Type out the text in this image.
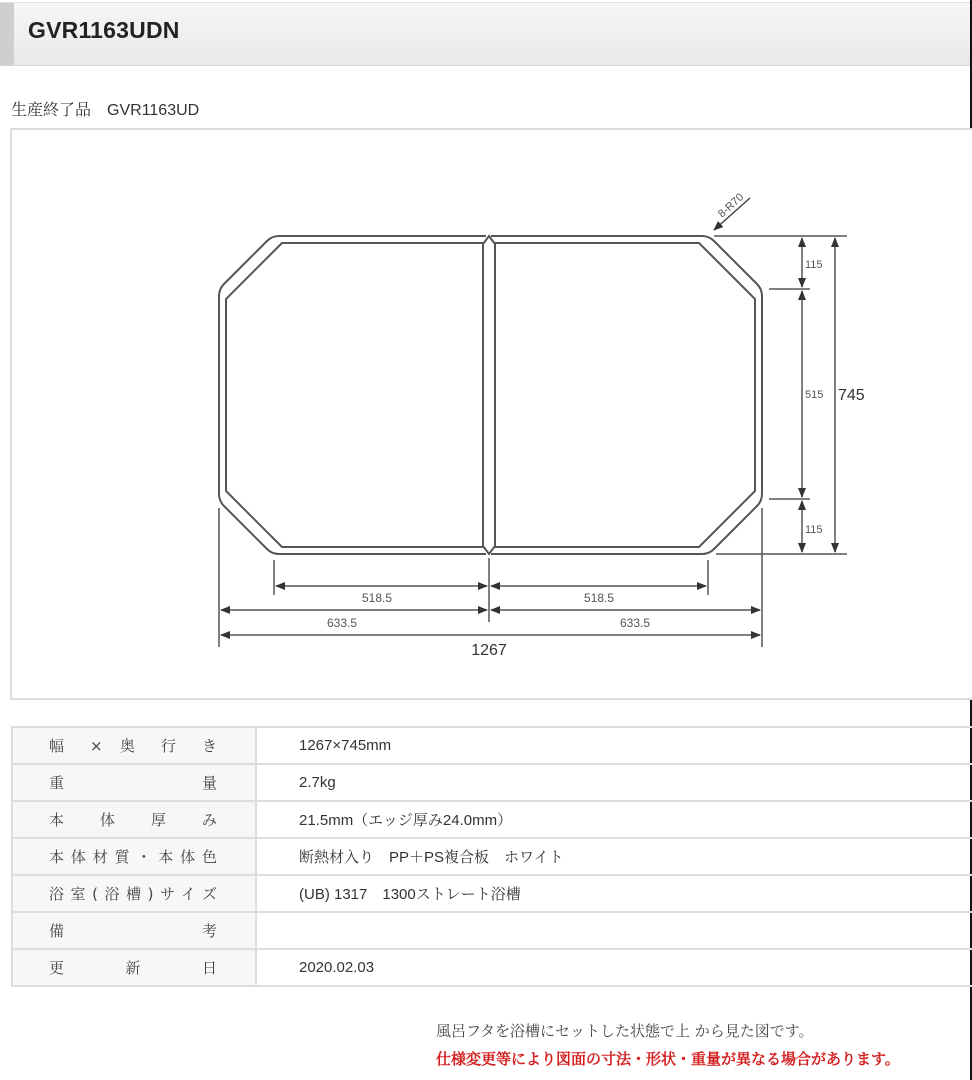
GVR1163UDN
生産終了品 GVR1163UD
8-R70
115
515
115
745
518.5	518.5
633.5	633.5
1267
幅 × 奥 行 き	1267×745mm
重 量	2.7kg
本 体 厚 み	21.5mm（エッジ厚み24.0mm）
本体材質・本体色	断熱材入り　PP＋PS複合板　ホワイト
浴室(浴槽)サイズ	(UB) 1317　1300ストレート浴槽
備 考	
更 新 日	2020.02.03
風呂フタを浴槽にセットした状態で上 から見た図です。
仕様変更等により図面の寸法・形状・重量が異なる場合があります。
